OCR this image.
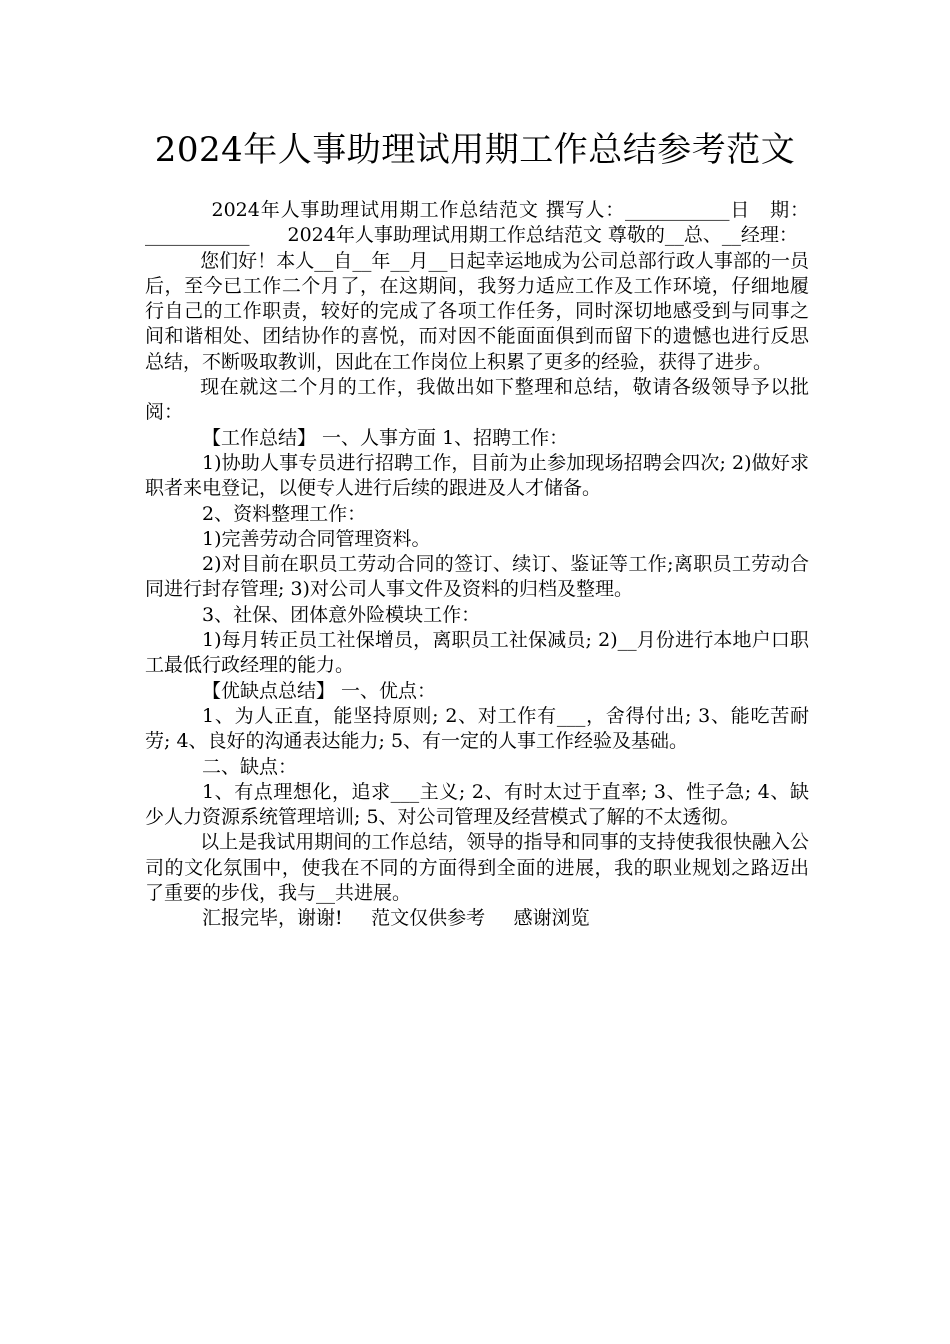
2024年人事助理试用期工作总结参考范文

2024年人事助理试用期工作总结范文 撰写人：___________日　期：___________　　2024年人事助理试用期工作总结范文 尊敬的__总、__经理：

您们好！本人__自__年__月__日起幸运地成为公司总部行政人事部的一员后，至今已工作二个月了，在这期间，我努力适应工作及工作环境，仔细地履行自己的工作职责，较好的完成了各项工作任务，同时深切地感受到与同事之间和谐相处、团结协作的喜悦，而对因不能面面俱到而留下的遗憾也进行反思总结，不断吸取教训，因此在工作岗位上积累了更多的经验，获得了进步。

现在就这二个月的工作，我做出如下整理和总结，敬请各级领导予以批阅：

【工作总结】 一、人事方面 1、招聘工作：

1)协助人事专员进行招聘工作，目前为止参加现场招聘会四次; 2)做好求职者来电登记，以便专人进行后续的跟进及人才储备。

2、资料整理工作：

1)完善劳动合同管理资料。

2)对目前在职员工劳动合同的签订、续订、鉴证等工作;离职员工劳动合同进行封存管理; 3)对公司人事文件及资料的归档及整理。

3、社保、团体意外险模块工作：

1)每月转正员工社保增员，离职员工社保减员; 2)__月份进行本地户口职工最低行政经理的能力。

【优缺点总结】 一、优点：

1、为人正直，能坚持原则; 2、对工作有___，舍得付出; 3、能吃苦耐劳; 4、良好的沟通表达能力; 5、有一定的人事工作经验及基础。

二、缺点：

1、有点理想化，追求___主义; 2、有时太过于直率; 3、性子急; 4、缺少人力资源系统管理培训; 5、对公司管理及经营模式了解的不太透彻。

以上是我试用期间的工作总结，领导的指导和同事的支持使我很快融入公司的文化氛围中，使我在不同的方面得到全面的进展，我的职业规划之路迈出了重要的步伐，我与__共进展。

汇报完毕，谢谢! 范文仅供参考 感谢浏览
